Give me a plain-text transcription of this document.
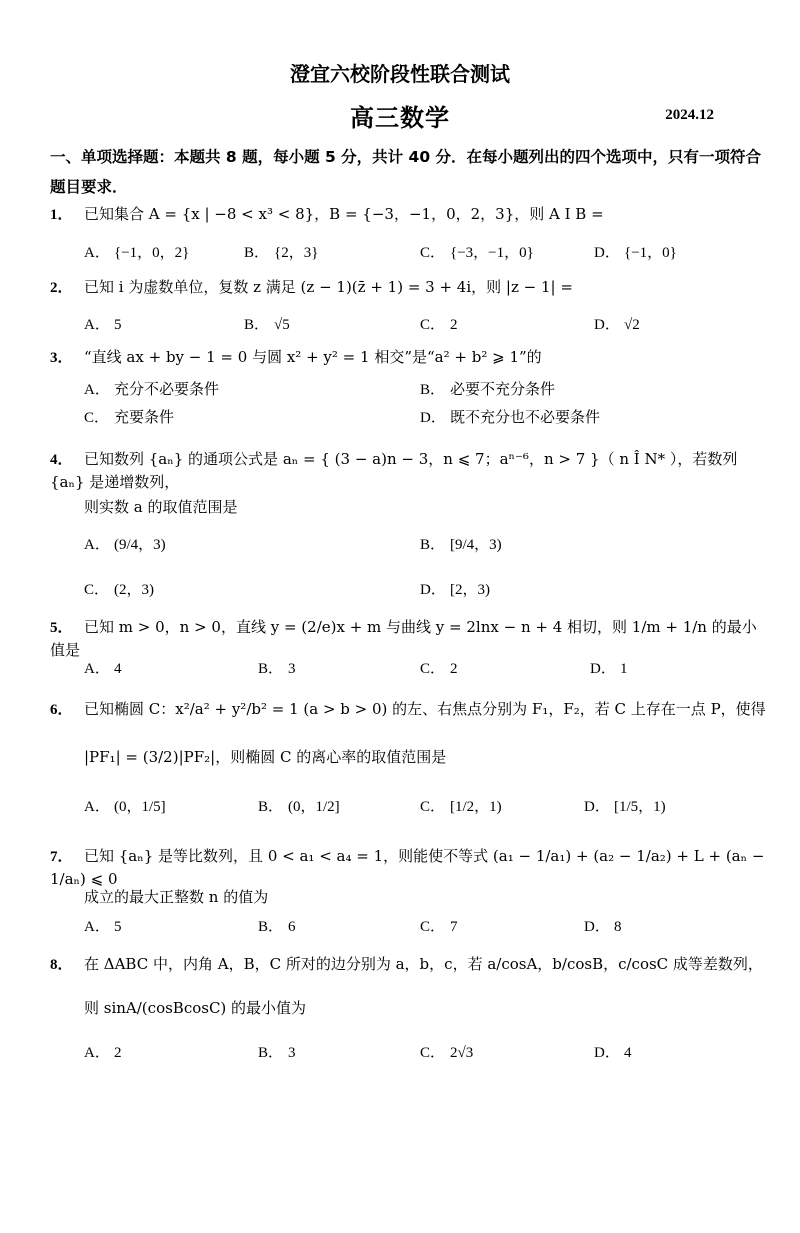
澄宜六校阶段性联合测试
高三数学	2024.12
一、单项选择题：本题共 8 题，每小题 5 分，共计 40 分．在每小题列出的四个选项中，只有一项符合题目要求．
1． 已知集合 A = {x | −8 < x³ < 8}，B = {−3，−1，0，2，3}，则 A I B =
A． {−1，0，2}	B． {2，3}	C． {−3，−1，0}	D． {−1，0}
2． 已知 i 为虚数单位，复数 z 满足 (z − 1)(z̄ + 1) = 3 + 4i，则 |z − 1| =
A． 5	B． √5	C． 2	D． √2
3． “直线 ax + by − 1 = 0 与圆 x² + y² = 1 相交”是“a² + b² ⩾ 1”的
A． 充分不必要条件	B． 必要不充分条件
C． 充要条件	D． 既不充分也不必要条件
4． 已知数列 {aₙ} 的通项公式是 aₙ = { (3 − a)n − 3，n ⩽ 7；aⁿ⁻⁶，n > 7 }（ n Î N* ），若数列 {aₙ} 是递增数列，
则实数 a 的取值范围是
A． (9/4，3)	B． [9/4，3)
C． (2，3)	D． [2，3)
5． 已知 m > 0，n > 0，直线 y = (2/e)x + m 与曲线 y = 2lnx − n + 4 相切，则 1/m + 1/n 的最小值是
A． 4	B． 3	C． 2	D． 1
6． 已知椭圆 C：x²/a² + y²/b² = 1 (a > b > 0) 的左、右焦点分别为 F₁，F₂，若 C 上存在一点 P，使得
|PF₁| = (3/2)|PF₂|，则椭圆 C 的离心率的取值范围是
A． (0，1/5]	B． (0，1/2]	C． [1/2，1)	D． [1/5，1)
7． 已知 {aₙ} 是等比数列，且 0 < a₁ < a₄ = 1，则能使不等式 (a₁ − 1/a₁) + (a₂ − 1/a₂) + L + (aₙ − 1/aₙ) ⩽ 0
成立的最大正整数 n 的值为
A． 5	B． 6	C． 7	D． 8
8． 在 ΔABC 中，内角 A，B，C 所对的边分别为 a，b，c，若 a/cosA，b/cosB，c/cosC 成等差数列，
则 sinA/(cosBcosC) 的最小值为
A． 2	B． 3	C． 2√3	D． 4
